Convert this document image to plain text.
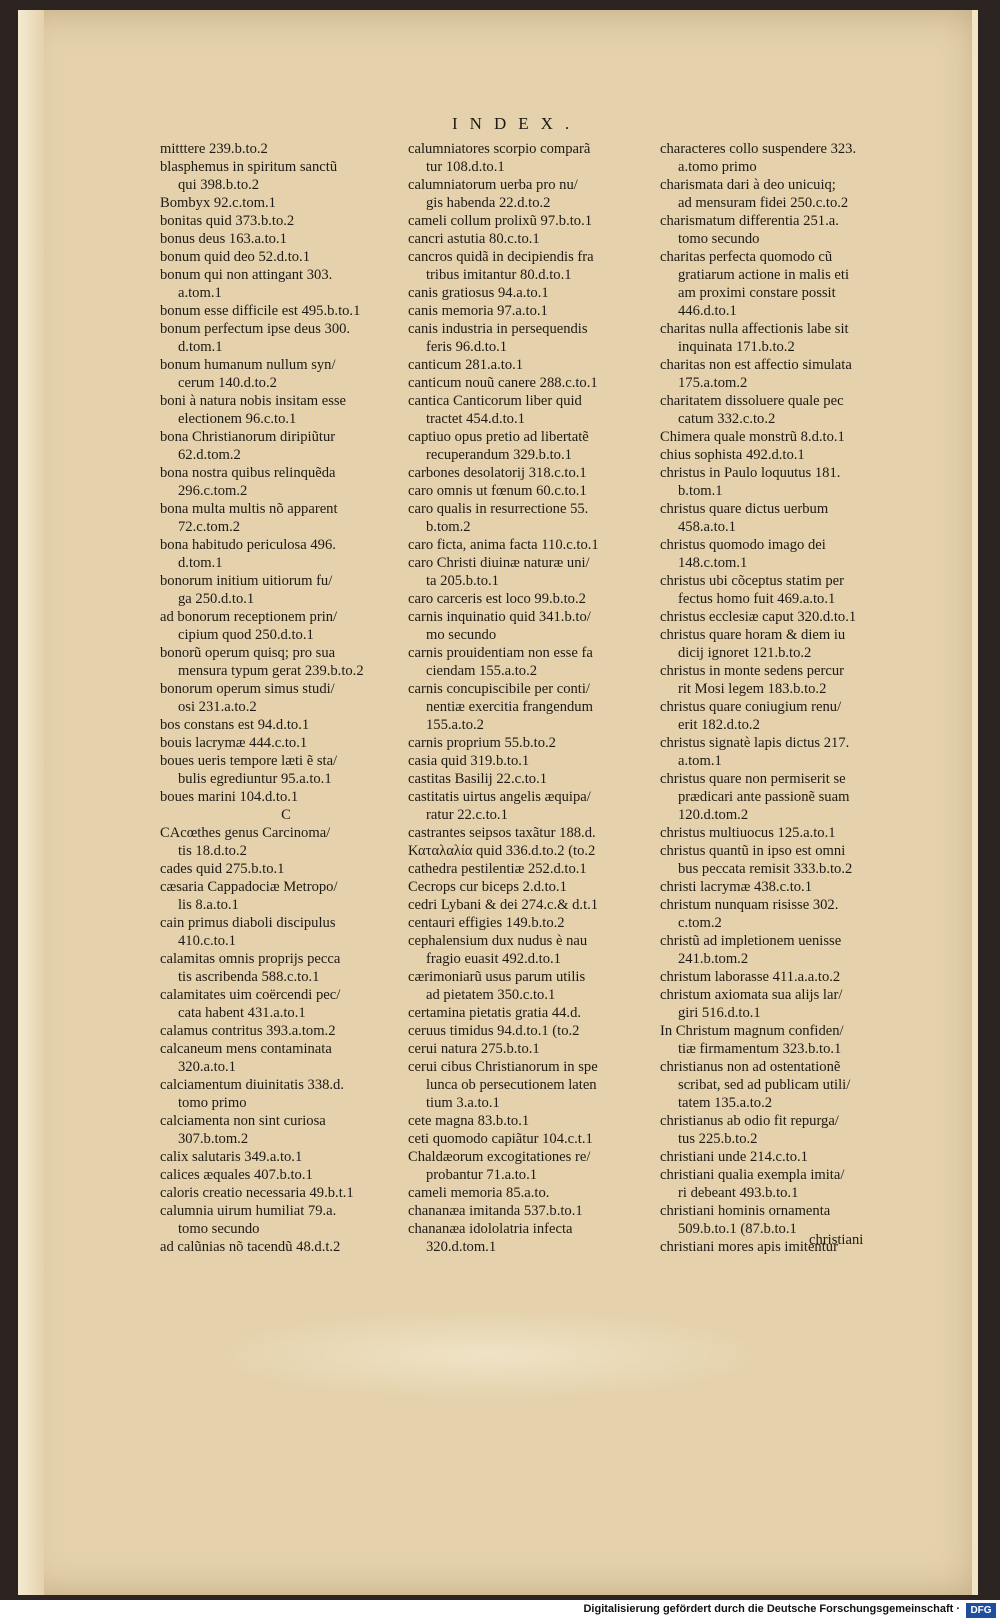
INDEX.
mitttere 239.b.to.2
blasphemus in spiritum sanctũ
qui 398.b.to.2
Bombyx 92.c.tom.1
bonitas quid 373.b.to.2
bonus deus 163.a.to.1
bonum quid deo 52.d.to.1
bonum qui non attingant 303.
a.tom.1
bonum esse difficile est 495.b.to.1
bonum perfectum ipse deus 300.
d.tom.1
bonum humanum nullum syn/
cerum 140.d.to.2
boni à natura nobis insitam esse
electionem 96.c.to.1
bona Christianorum diripiũtur
62.d.tom.2
bona nostra quibus relinquẽda
296.c.tom.2
bona multa multis nõ apparent
72.c.tom.2
bona habitudo periculosa 496.
d.tom.1
bonorum initium uitiorum fu/
ga 250.d.to.1
ad bonorum receptionem prin/
cipium quod 250.d.to.1
bonorũ operum quisq; pro sua
mensura typum gerat 239.b.to.2
bonorum operum simus studi/
osi 231.a.to.2
bos constans est 94.d.to.1
bouis lacrymæ 444.c.to.1
boues ueris tempore læti ẽ sta/
bulis egrediuntur 95.a.to.1
boues marini 104.d.to.1
C
CAcœthes genus Carcinoma/
tis 18.d.to.2
cades quid 275.b.to.1
cæsaria Cappadociæ Metropo/
lis 8.a.to.1
cain primus diaboli discipulus
410.c.to.1
calamitas omnis proprijs pecca
tis ascribenda 588.c.to.1
calamitates uim coërcendi pec/
cata habent 431.a.to.1
calamus contritus 393.a.tom.2
calcaneum mens contaminata
320.a.to.1
calciamentum diuinitatis 338.d.
tomo primo
calciamenta non sint curiosa
307.b.tom.2
calix salutaris 349.a.to.1
calices æquales 407.b.to.1
caloris creatio necessaria 49.b.t.1
calumnia uirum humiliat 79.a.
tomo secundo
ad calũnias nõ tacendũ 48.d.t.2
calumniatores scorpio comparã
tur 108.d.to.1
calumniatorum uerba pro nu/
gis habenda 22.d.to.2
cameli collum prolixũ 97.b.to.1
cancri astutia 80.c.to.1
cancros quidã in decipiendis fra
tribus imitantur 80.d.to.1
canis gratiosus 94.a.to.1
canis memoria 97.a.to.1
canis industria in persequendis
feris 96.d.to.1
canticum 281.a.to.1
canticum nouũ canere 288.c.to.1
cantica Canticorum liber quid
tractet 454.d.to.1
captiuo opus pretio ad libertatẽ
recuperandum 329.b.to.1
carbones desolatorij 318.c.to.1
caro omnis ut fœnum 60.c.to.1
caro qualis in resurrectione 55.
b.tom.2
caro ficta, anima facta 110.c.to.1
caro Christi diuinæ naturæ uni/
ta 205.b.to.1
caro carceris est loco 99.b.to.2
carnis inquinatio quid 341.b.to/
mo secundo
carnis prouidentiam non esse fa
ciendam 155.a.to.2
carnis concupiscibile per conti/
nentiæ exercitia frangendum
155.a.to.2
carnis proprium 55.b.to.2
casia quid 319.b.to.1
castitas Basilij 22.c.to.1
castitatis uirtus angelis æquipa/
ratur 22.c.to.1
castrantes seipsos taxãtur 188.d.
Καταλαλία quid 336.d.to.2 (to.2
cathedra pestilentiæ 252.d.to.1
Cecrops cur biceps 2.d.to.1
cedri Lybani & dei 274.c.& d.t.1
centauri effigies 149.b.to.2
cephalensium dux nudus è nau
fragio euasit 492.d.to.1
cærimoniarũ usus parum utilis
ad pietatem 350.c.to.1
certamina pietatis gratia 44.d.
ceruus timidus 94.d.to.1 (to.2
cerui natura 275.b.to.1
cerui cibus Christianorum in spe
lunca ob persecutionem laten
tium 3.a.to.1
cete magna 83.b.to.1
ceti quomodo capiãtur 104.c.t.1
Chaldæorum excogitationes re/
probantur 71.a.to.1
cameli memoria 85.a.to.
chananæa imitanda 537.b.to.1
chananæa idololatria infecta
320.d.tom.1
characteres collo suspendere 323.
a.tomo primo
charismata dari à deo unicuiq;
ad mensuram fidei 250.c.to.2
charismatum differentia 251.a.
tomo secundo
charitas perfecta quomodo cũ
gratiarum actione in malis eti
am proximi constare possit
446.d.to.1
charitas nulla affectionis labe sit
inquinata 171.b.to.2
charitas non est affectio simulata
175.a.tom.2
charitatem dissoluere quale pec
catum 332.c.to.2
Chimera quale monstrũ 8.d.to.1
chius sophista 492.d.to.1
christus in Paulo loquutus 181.
b.tom.1
christus quare dictus uerbum
458.a.to.1
christus quomodo imago dei
148.c.tom.1
christus ubi cõceptus statim per
fectus homo fuit 469.a.to.1
christus ecclesiæ caput 320.d.to.1
christus quare horam & diem iu
dicij ignoret 121.b.to.2
christus in monte sedens percur
rit Mosi legem 183.b.to.2
christus quare coniugium renu/
erit 182.d.to.2
christus signatè lapis dictus 217.
a.tom.1
christus quare non permiserit se
prædicari ante passionẽ suam
120.d.tom.2
christus multiuocus 125.a.to.1
christus quantũ in ipso est omni
bus peccata remisit 333.b.to.2
christi lacrymæ 438.c.to.1
christum nunquam risisse 302.
c.tom.2
christũ ad impletionem uenisse
241.b.tom.2
christum laborasse 411.a.a.to.2
christum axiomata sua alijs lar/
giri 516.d.to.1
In Christum magnum confiden/
tiæ firmamentum 323.b.to.1
christianus non ad ostentationẽ
scribat, sed ad publicam utili/
tatem 135.a.to.2
christianus ab odio fit repurga/
tus 225.b.to.2
christiani unde 214.c.to.1
christiani qualia exempla imita/
ri debeant 493.b.to.1
christiani hominis ornamenta
509.b.to.1 (87.b.to.1
christiani mores apis imitentur
christiani
Digitalisierung gefördert durch die Deutsche Forschungsgemeinschaft ·	DFG
